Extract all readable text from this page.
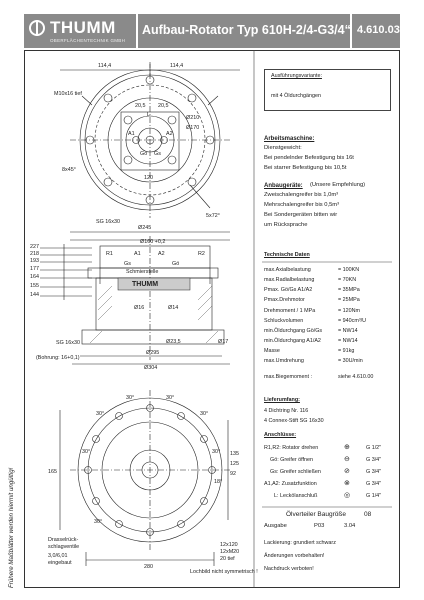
THUMM
OBERFLÄCHENTECHNIK GMBH
Aufbau-Rotator Typ 610H-2/4-G3/4“ 4.610.03
Frühere Maßblätter werden hiermit ungültig!
114,4	114,4
M10x16 tief
20,5 20,5
Gö Gs
L
A1	A2
Ø210
Ø170
120
8x45°
5x72°
SG 16x30
227
218
193
177
164
155
144
Ø245
Ø160 +0,2
R1	R2
A1	A2
Gs	Gö
Schmierstelle
Ø16	Ø14
Ø23,5	Ø17
Ø295
Ø304
SG 16x30
(Bohrung: 16+0,1)
THUMM
30°	30°
30°	30°
30°	30°
18°
30°
165
135
125
92
280
12x120
12xM20
20 tief
Lochbild nicht symmetrisch !
Drasselrück-
schlagventile
3,0/6,01
eingebaut
Ausführungsvariante:
mit 4 Öldurchgängen
Arbeitsmaschine:
Dienstgewicht:
Bei pendelnder Befestigung bis 16t
Bei starrer Befestigung bis 10,5t
Anbaugeräte: (Unsere Empfehlung)
Zweischalengreifer bis 1,0m³
Mehrschalengreifer bis 0,5m³
Bei Sondergeräten bitten wir
um Rücksprache
Technische Daten
max.Axialbelastung	= 100KN
max.Radialbelastung	= 70KN
Pmax. Gö/Gs A1/A2	= 35MPa
Pmax.Drehmotor	= 25MPa
Drehmoment / 1 MPa	= 120Nm
Schluckvolumen	= 940cm³/U
min.Öldurchgang Gö/Gs	= NW14
min.Öldurchgang A1/A2	= NW14
Masse	= 91kg
max.Umdrehung	= 30U/min
max.Biegemoment :	siehe 4.610.00
Lieferumfang:
4 Dichtring Nr. 116
4 Connex-Stift SG 16x30
Anschlüsse:
R1,R2: Rotator drehen	⊕	G 1/2"
Gö: Greifer öffnen	⊖	G 3/4"
Gs: Greifer schließen	⊘	G 3/4"
A1,A2: Zusatzfunktion	⊗	G 3/4"
L: Leckölanschluß	◎	G 1/4"
Ölverteiler Baugröße	08
Ausgabe	P03	3.04
Lackierung: grundiert schwarz
Änderungen vorbehalten!
Nachdruck verboten!
